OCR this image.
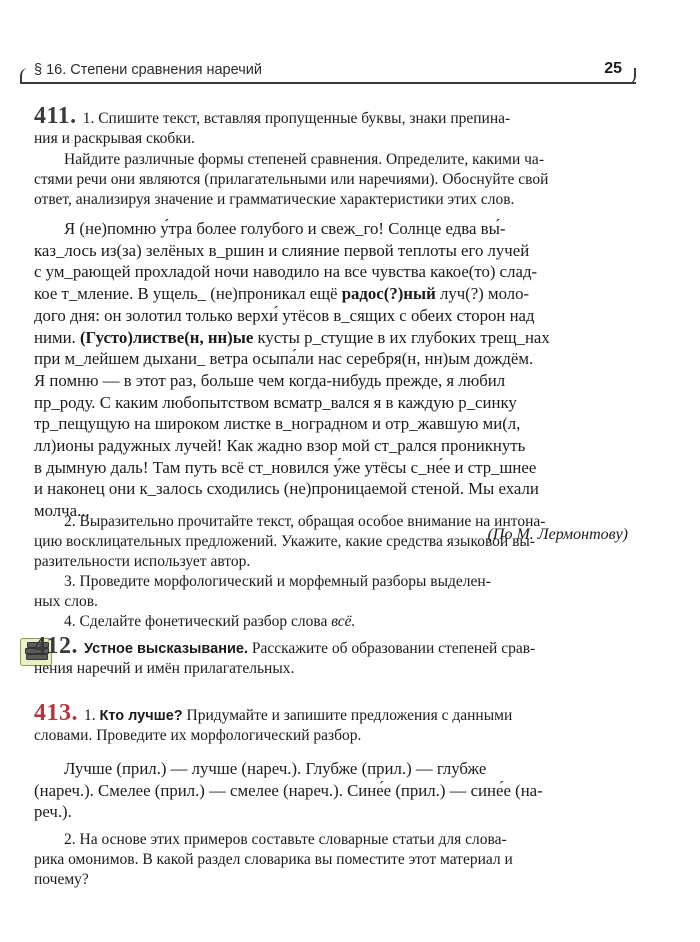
§ 16. Степени сравнения наречий	25

411. 1. Спишите текст, вставляя пропущенные буквы, знаки препина-
ния и раскрывая скобки.

Найдите различные формы степеней сравнения. Определите, какими ча-
стями речи они являются (прилагательными или наречиями). Обоснуйте свой
ответ, анализируя значение и грамматические характеристики этих слов.

Я (не)помню у́тра более голубого и свеж_го! Солнце едва вы́-
каз_лось из(за) зелёных в_ршин и слияние первой теплоты его лучей
с ум_рающей прохладой ночи наводило на все чувства какое(то) слад-
кое т_мление. В ущель_ (не)проникал ещё радос(?)ный луч(?) моло-
дого дня: он золотил только верхи́ утёсов в_сящих с обеих сторон над
ними. (Густо)листве(н, нн)ые кусты р_стущие в их глубоких трещ_нах
при м_лейшем дыхани_ ветра осыпа́ли нас серебря(н, нн)ым дождём.
Я помню — в этот раз, больше чем когда-нибудь прежде, я любил
пр_роду. С каким любопытством всматр_вался я в каждую р_синку
тр_пещущую на широком листке в_ноградном и отр_жавшую ми(л,
лл)ионы радужных лучей! Как жадно взор мой ст_рался проникнуть
в дымную даль! Там путь всё ст_новился у́же утёсы с_не́е и стр_шнее
и наконец они к_залось сходились (не)проницаемой стеной. Мы ехали
молча...
(По М. Лермонтову)

2. Выразительно прочитайте текст, обращая особое внимание на интона-
цию восклицательных предложений. Укажите, какие средства языковой вы-
разительности использует автор.

3. Проведите морфологический и морфемный разборы выделен-
ных слов.

4. Сделайте фонетический разбор слова всё.

412. Устное высказывание. Расскажите об образовании степеней срав-
нения наречий и имён прилагательных.

413. 1. Кто лучше? Придумайте и запишите предложения с данными
словами. Проведите их морфологический разбор.

Лучше (прил.) — лучше (нареч.). Глубже (прил.) — глубже
(нареч.). Смелее (прил.) — смелее (нареч.). Сине́е (прил.) — сине́е (на-
реч.).

2. На основе этих примеров составьте словарные статьи для слова-
рика омонимов. В какой раздел словарика вы поместите этот материал и
почему?
